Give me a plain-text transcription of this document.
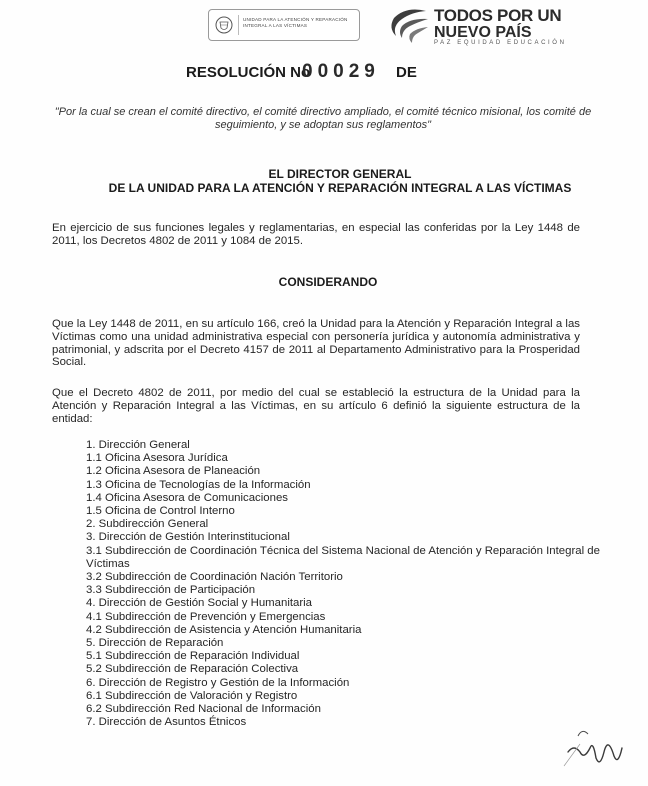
UNIDAD PARA LA ATENCIÓN Y REPARACIÓN INTEGRAL A LAS VÍCTIMAS	TODOS POR UN
NUEVO PAÍS
PAZ EQUIDAD EDUCACIÓN
RESOLUCIÓN No
00029 DE
"Por la cual se crean el comité directivo, el comité directivo ampliado, el comité técnico misional, los comité de seguimiento, y se adoptan sus reglamentos"
EL DIRECTOR GENERAL
DE LA UNIDAD PARA LA ATENCIÓN Y REPARACIÓN INTEGRAL A LAS VÍCTIMAS
En ejercicio de sus funciones legales y reglamentarias, en especial las conferidas por la Ley 1448 de 2011, los Decretos 4802 de 2011 y 1084 de 2015.
CONSIDERANDO
Que la Ley 1448 de 2011, en su artículo 166, creó la Unidad para la Atención y Reparación Integral a las Víctimas como una unidad administrativa especial con personería jurídica y autonomía administrativa y patrimonial, y adscrita por el Decreto 4157 de 2011 al Departamento Administrativo para la Prosperidad Social.
Que el Decreto 4802 de 2011, por medio del cual se estableció la estructura de la Unidad para la Atención y Reparación Integral a las Víctimas, en su artículo 6 definió la siguiente estructura de la entidad:
1. Dirección General
1.1 Oficina Asesora Jurídica
1.2 Oficina Asesora de Planeación
1.3 Oficina de Tecnologías de la Información
1.4 Oficina Asesora de Comunicaciones
1.5 Oficina de Control Interno
2. Subdirección General
3. Dirección de Gestión Interinstitucional
3.1 Subdirección de Coordinación Técnica del Sistema Nacional de Atención y Reparación Integral de Víctimas
3.2 Subdirección de Coordinación Nación Territorio
3.3 Subdirección de Participación
4. Dirección de Gestión Social y Humanitaria
4.1 Subdirección de Prevención y Emergencias
4.2 Subdirección de Asistencia y Atención Humanitaria
5. Dirección de Reparación
5.1 Subdirección de Reparación Individual
5.2 Subdirección de Reparación Colectiva
6. Dirección de Registro y Gestión de la Información
6.1 Subdirección de Valoración y Registro
6.2 Subdirección Red Nacional de Información
7. Dirección de Asuntos Étnicos
